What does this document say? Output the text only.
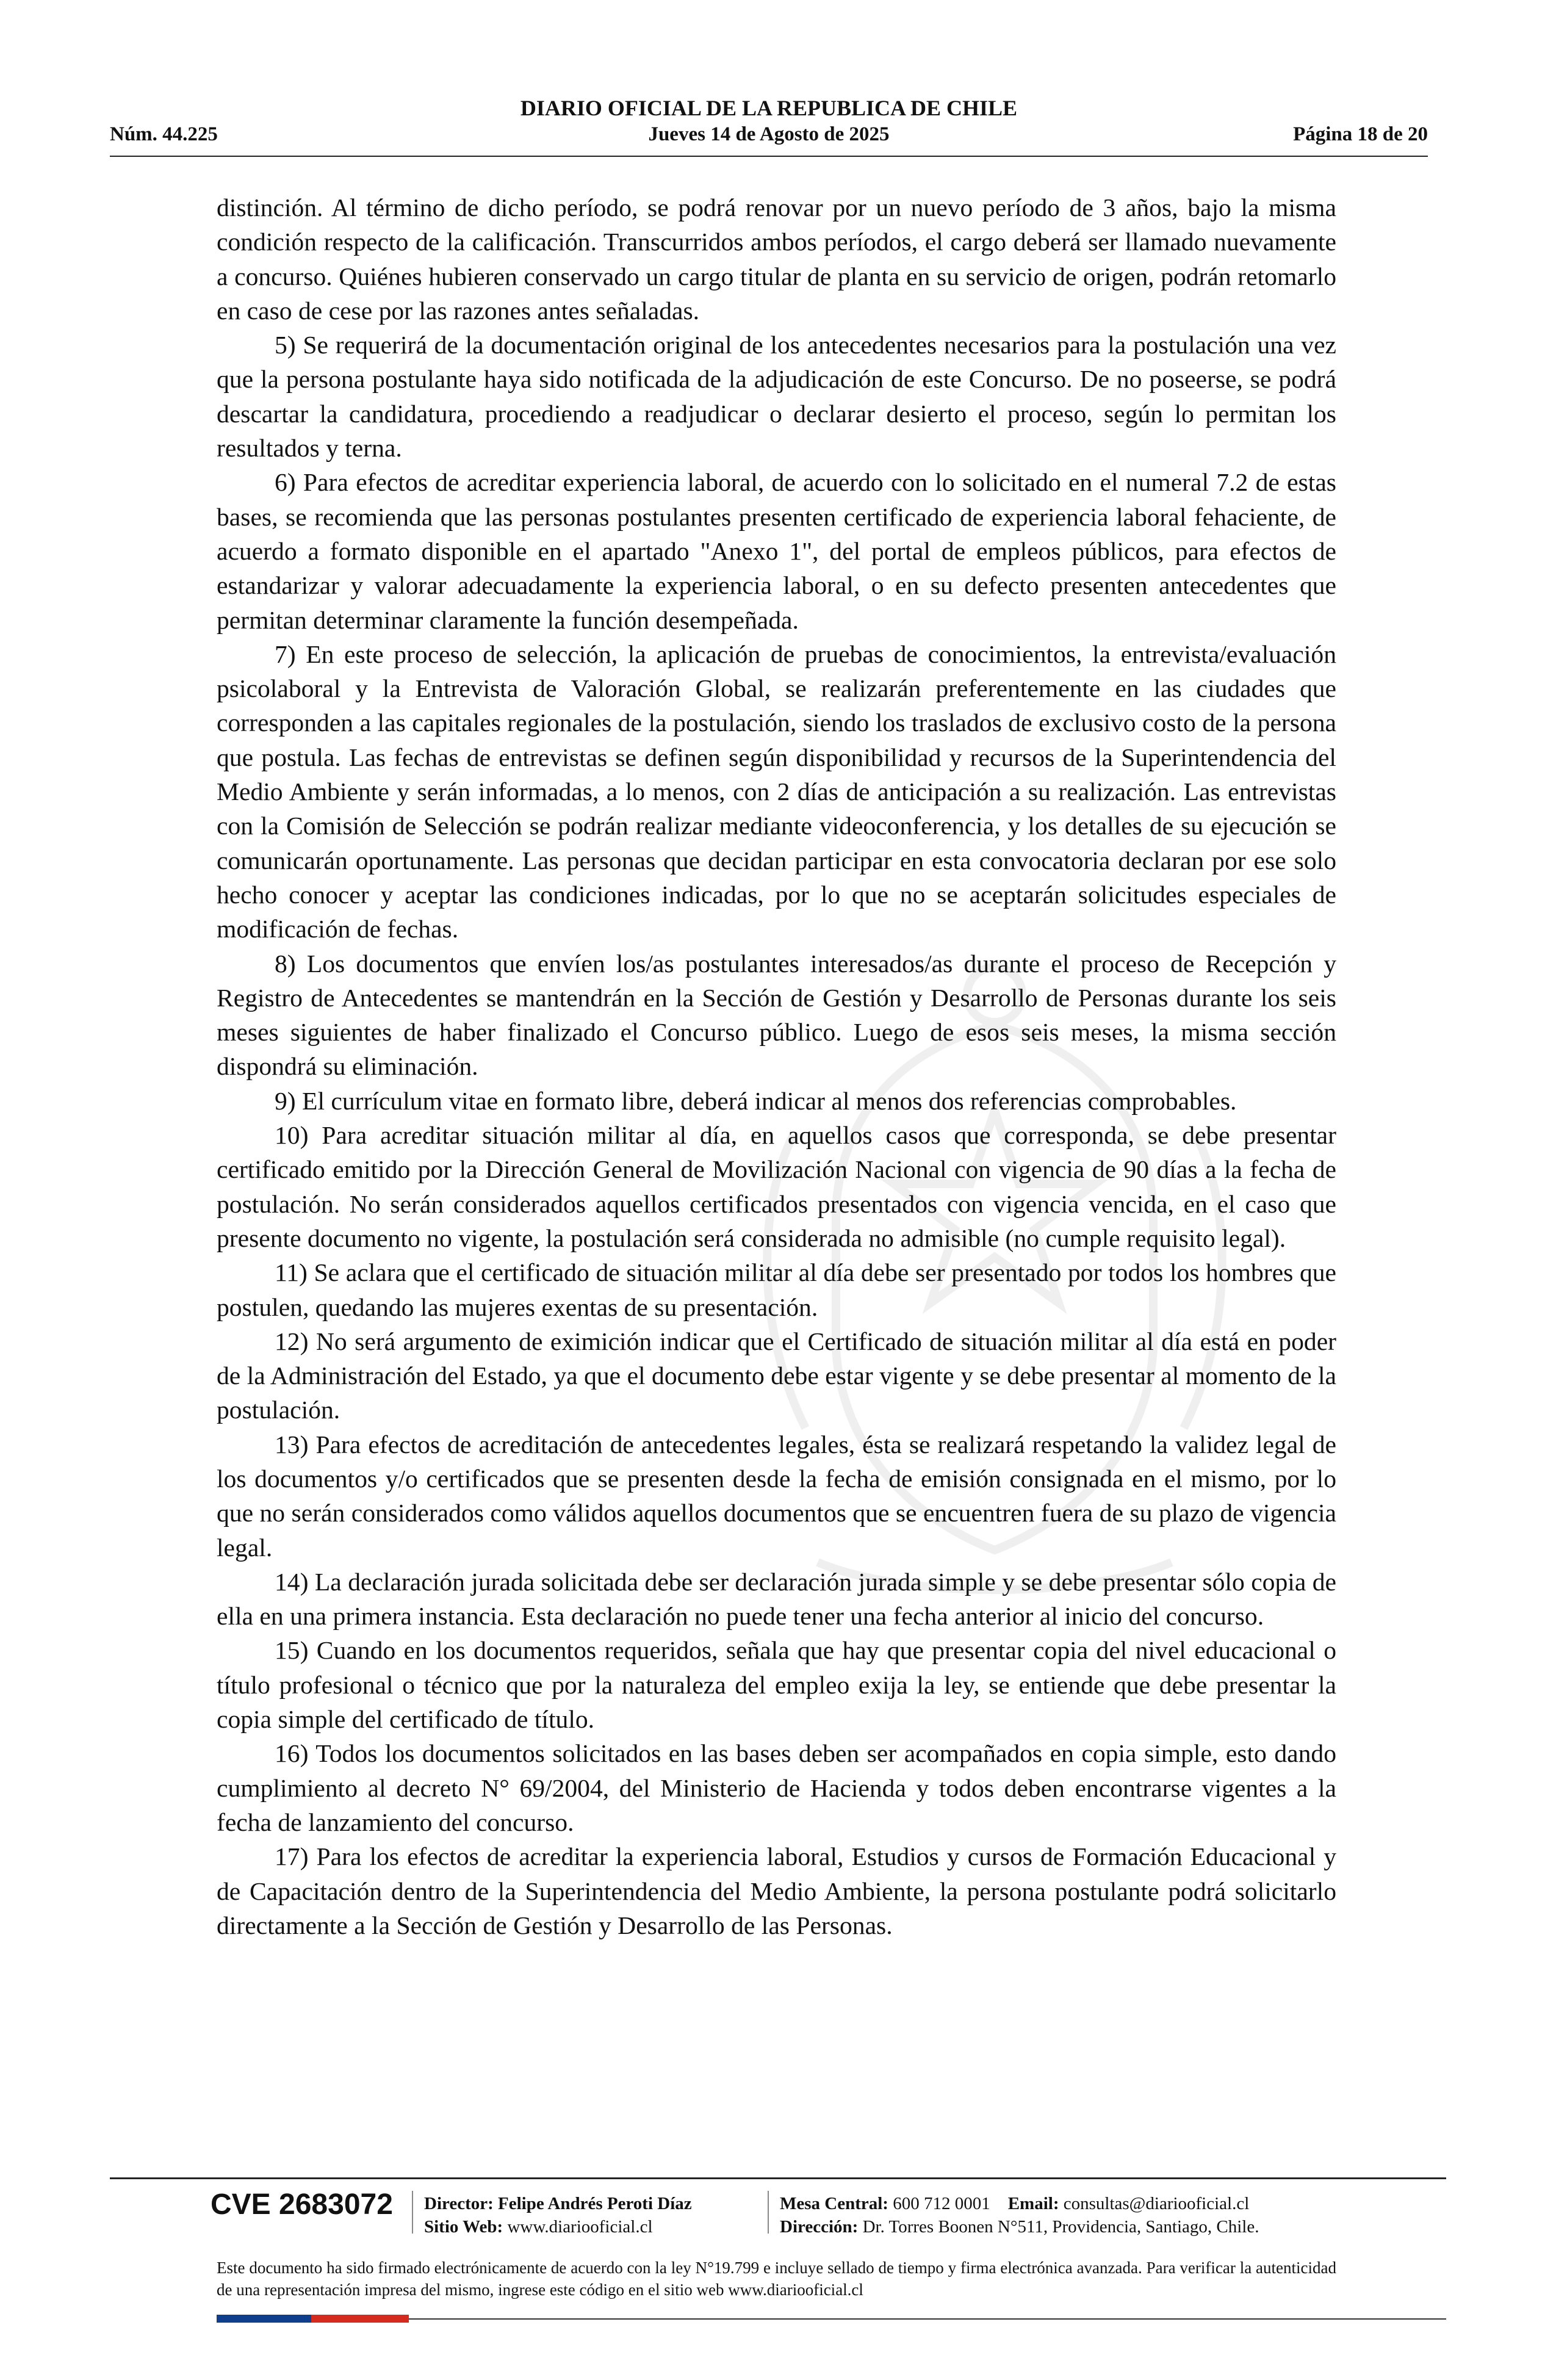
DIARIO OFICIAL DE LA REPUBLICA DE CHILE
Núm. 44.225	Jueves 14 de Agosto de 2025	Página 18 de 20

distinción. Al término de dicho período, se podrá renovar por un nuevo período de 3 años, bajo la misma condición respecto de la calificación. Transcurridos ambos períodos, el cargo deberá ser llamado nuevamente a concurso. Quiénes hubieren conservado un cargo titular de planta en su servicio de origen, podrán retomarlo en caso de cese por las razones antes señaladas.

5) Se requerirá de la documentación original de los antecedentes necesarios para la postulación una vez que la persona postulante haya sido notificada de la adjudicación de este Concurso. De no poseerse, se podrá descartar la candidatura, procediendo a readjudicar o declarar desierto el proceso, según lo permitan los resultados y terna.

6) Para efectos de acreditar experiencia laboral, de acuerdo con lo solicitado en el numeral 7.2 de estas bases, se recomienda que las personas postulantes presenten certificado de experiencia laboral fehaciente, de acuerdo a formato disponible en el apartado "Anexo 1", del portal de empleos públicos, para efectos de estandarizar y valorar adecuadamente la experiencia laboral, o en su defecto presenten antecedentes que permitan determinar claramente la función desempeñada.

7) En este proceso de selección, la aplicación de pruebas de conocimientos, la entrevista/evaluación psicolaboral y la Entrevista de Valoración Global, se realizarán preferentemente en las ciudades que corresponden a las capitales regionales de la postulación, siendo los traslados de exclusivo costo de la persona que postula. Las fechas de entrevistas se definen según disponibilidad y recursos de la Superintendencia del Medio Ambiente y serán informadas, a lo menos, con 2 días de anticipación a su realización. Las entrevistas con la Comisión de Selección se podrán realizar mediante videoconferencia, y los detalles de su ejecución se comunicarán oportunamente. Las personas que decidan participar en esta convocatoria declaran por ese solo hecho conocer y aceptar las condiciones indicadas, por lo que no se aceptarán solicitudes especiales de modificación de fechas.

8) Los documentos que envíen los/as postulantes interesados/as durante el proceso de Recepción y Registro de Antecedentes se mantendrán en la Sección de Gestión y Desarrollo de Personas durante los seis meses siguientes de haber finalizado el Concurso público. Luego de esos seis meses, la misma sección dispondrá su eliminación.

9) El currículum vitae en formato libre, deberá indicar al menos dos referencias comprobables.

10) Para acreditar situación militar al día, en aquellos casos que corresponda, se debe presentar certificado emitido por la Dirección General de Movilización Nacional con vigencia de 90 días a la fecha de postulación. No serán considerados aquellos certificados presentados con vigencia vencida, en el caso que presente documento no vigente, la postulación será considerada no admisible (no cumple requisito legal).

11) Se aclara que el certificado de situación militar al día debe ser presentado por todos los hombres que postulen, quedando las mujeres exentas de su presentación.

12) No será argumento de eximición indicar que el Certificado de situación militar al día está en poder de la Administración del Estado, ya que el documento debe estar vigente y se debe presentar al momento de la postulación.

13) Para efectos de acreditación de antecedentes legales, ésta se realizará respetando la validez legal de los documentos y/o certificados que se presenten desde la fecha de emisión consignada en el mismo, por lo que no serán considerados como válidos aquellos documentos que se encuentren fuera de su plazo de vigencia legal.

14) La declaración jurada solicitada debe ser declaración jurada simple y se debe presentar sólo copia de ella en una primera instancia. Esta declaración no puede tener una fecha anterior al inicio del concurso.

15) Cuando en los documentos requeridos, señala que hay que presentar copia del nivel educacional o título profesional o técnico que por la naturaleza del empleo exija la ley, se entiende que debe presentar la copia simple del certificado de título.

16) Todos los documentos solicitados en las bases deben ser acompañados en copia simple, esto dando cumplimiento al decreto N° 69/2004, del Ministerio de Hacienda y todos deben encontrarse vigentes a la fecha de lanzamiento del concurso.

17) Para los efectos de acreditar la experiencia laboral, Estudios y cursos de Formación Educacional y de Capacitación dentro de la Superintendencia del Medio Ambiente, la persona postulante podrá solicitarlo directamente a la Sección de Gestión y Desarrollo de las Personas.

CVE 2683072 Director: Felipe Andrés Peroti Díaz
Sitio Web: www.diariooficial.cl
Mesa Central: 600 712 0001 Email: consultas@diariooficial.cl
Dirección: Dr. Torres Boonen N°511, Providencia, Santiago, Chile.
Este documento ha sido firmado electrónicamente de acuerdo con la ley N°19.799 e incluye sellado de tiempo y firma electrónica avanzada. Para verificar la autenticidad de una representación impresa del mismo, ingrese este código en el sitio web www.diariooficial.cl
